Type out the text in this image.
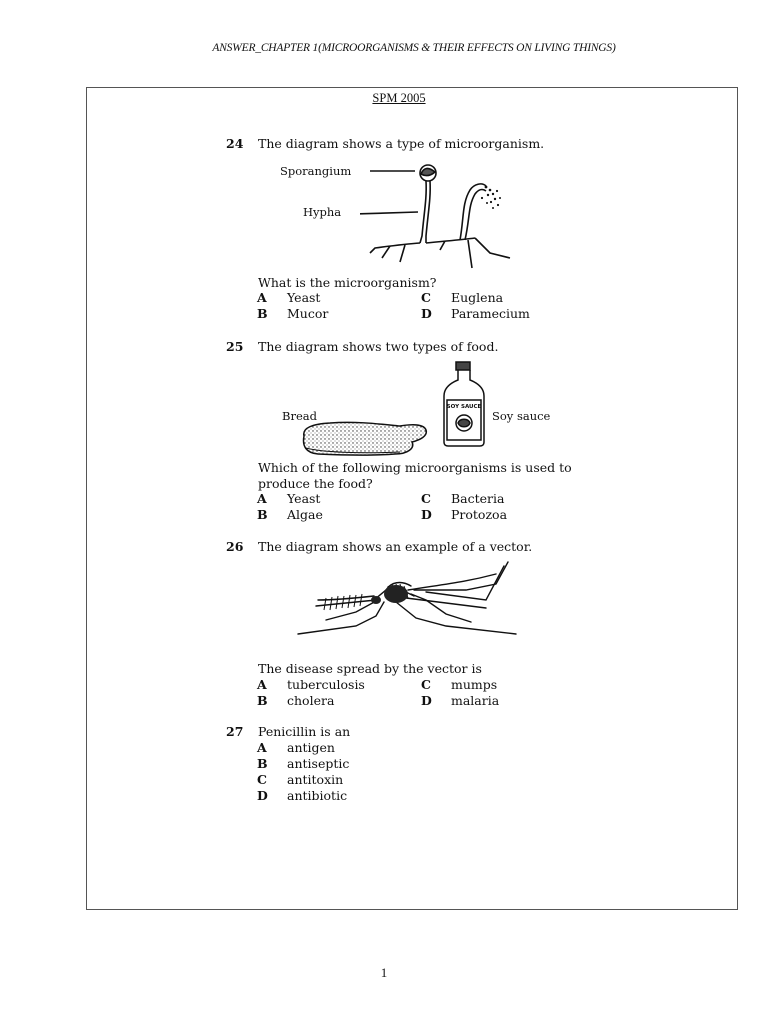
ANSWER_CHAPTER 1(MICROORGANISMS & THEIR EFFECTS ON LIVING THINGS)
SPM 2005
24 The diagram shows a type of microorganism.
Sporangium
Hypha
What is the microorganism?
A Yeast	C Euglena
B Mucor	D Paramecium
25 The diagram shows two types of food.
Bread	Soy sauce
SOY SAUCE
Which of the following microorganisms is used to produce the food?
A Yeast	C Bacteria
B Algae	D Protozoa
26 The diagram shows an example of a vector.
The disease spread by the vector is
A tuberculosis	C mumps
B cholera	D malaria
27 Penicillin is an
A antigen
B antiseptic
C antitoxin
D antibiotic
1
